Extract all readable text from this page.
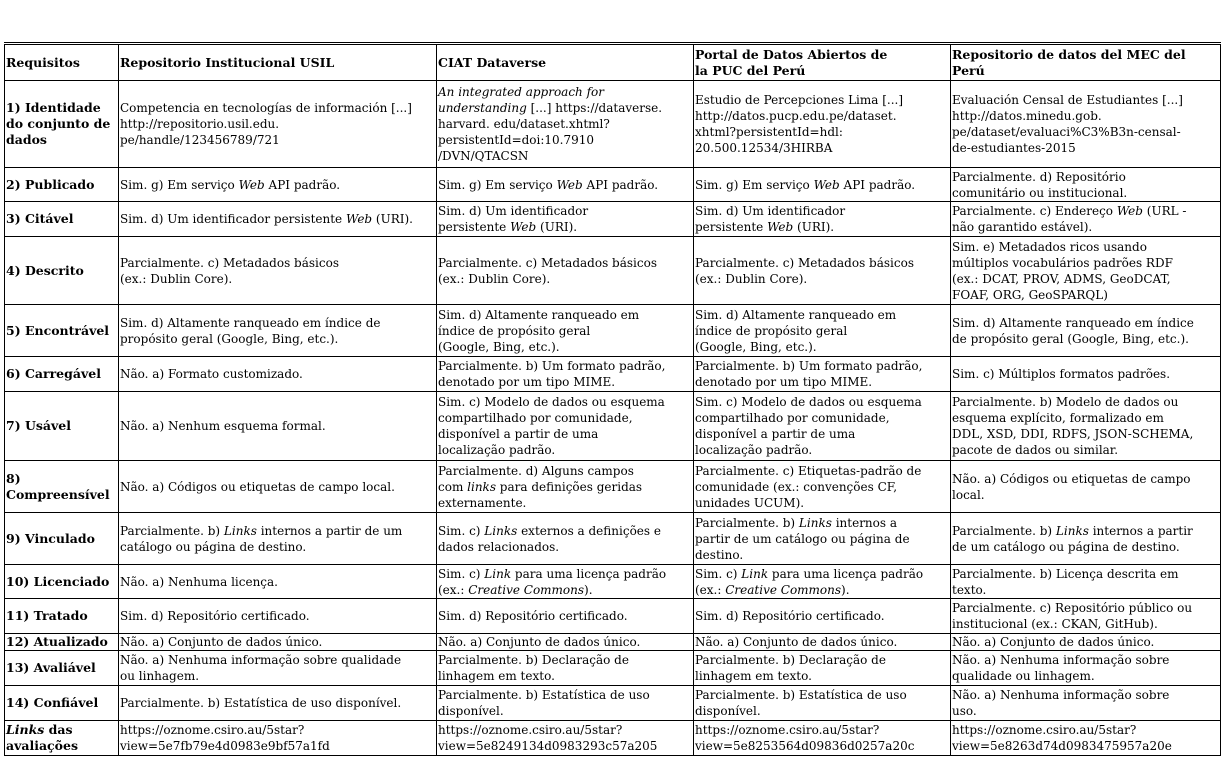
Requisitos	Repositorio Institucional USIL	CIAT Dataverse	Portal de Datos Abiertos de
la PUC del Perú	Repositorio de datos del MEC del Perú
1) Identidade
do conjunto de
dados	Competencia en tecnologías de información [...]
http://repositorio.usil.edu.
pe/handle/123456789/721	An integrated approach for
understanding [...] https://dataverse.
harvard. edu/dataset.xhtml?
persistentId=doi:10.7910
/DVN/QTACSN	Estudio de Percepciones Lima [...]
http://datos.pucp.edu.pe/dataset.
xhtml?persistentId=hdl:
20.500.12534/3HIRBA	Evaluación Censal de Estudiantes [...]
http://datos.minedu.gob.
pe/dataset/evaluaci%C3%B3n-censal-
de-estudiantes-2015
2) Publicado	Sim. g) Em serviço Web API padrão.	Sim. g) Em serviço Web API padrão.	Sim. g) Em serviço Web API padrão.	Parcialmente. d) Repositório
comunitário ou institucional.
3) Citável	Sim. d) Um identificador persistente Web (URI).	Sim. d) Um identificador
persistente Web (URI).	Sim. d) Um identificador
persistente Web (URI).	Parcialmente. c) Endereço Web (URL -
não garantido estável).
4) Descrito	Parcialmente. c) Metadados básicos
(ex.: Dublin Core).	Parcialmente. c) Metadados básicos
(ex.: Dublin Core).	Parcialmente. c) Metadados básicos
(ex.: Dublin Core).	Sim. e) Metadados ricos usando
múltiplos vocabulários padrões RDF
(ex.: DCAT, PROV, ADMS, GeoDCAT,
FOAF, ORG, GeoSPARQL)
5) Encontrável	Sim. d) Altamente ranqueado em índice de
propósito geral (Google, Bing, etc.).	Sim. d) Altamente ranqueado em
índice de propósito geral
(Google, Bing, etc.).	Sim. d) Altamente ranqueado em
índice de propósito geral
(Google, Bing, etc.).	Sim. d) Altamente ranqueado em índice
de propósito geral (Google, Bing, etc.).
6) Carregável	Não. a) Formato customizado.	Parcialmente. b) Um formato padrão,
denotado por um tipo MIME.	Parcialmente. b) Um formato padrão,
denotado por um tipo MIME.	Sim. c) Múltiplos formatos padrões.
7) Usável	Não. a) Nenhum esquema formal.	Sim. c) Modelo de dados ou esquema
compartilhado por comunidade,
disponível a partir de uma
localização padrão.	Sim. c) Modelo de dados ou esquema
compartilhado por comunidade,
disponível a partir de uma
localização padrão.	Parcialmente. b) Modelo de dados ou
esquema explícito, formalizado em
DDL, XSD, DDI, RDFS, JSON-SCHEMA,
pacote de dados ou similar.
8)
Compreensível	Não. a) Códigos ou etiquetas de campo local.	Parcialmente. d) Alguns campos
com links para definições geridas
externamente.	Parcialmente. c) Etiquetas-padrão de
comunidade (ex.: convenções CF,
unidades UCUM).	Não. a) Códigos ou etiquetas de campo
local.
9) Vinculado	Parcialmente. b) Links internos a partir de um
catálogo ou página de destino.	Sim. c) Links externos a definições e
dados relacionados.	Parcialmente. b) Links internos a
partir de um catálogo ou página de
destino.	Parcialmente. b) Links internos a partir
de um catálogo ou página de destino.
10) Licenciado	Não. a) Nenhuma licença.	Sim. c) Link para uma licença padrão
(ex.: Creative Commons).	Sim. c) Link para uma licença padrão
(ex.: Creative Commons).	Parcialmente. b) Licença descrita em
texto.
11) Tratado	Sim. d) Repositório certificado.	Sim. d) Repositório certificado.	Sim. d) Repositório certificado.	Parcialmente. c) Repositório público ou
institucional (ex.: CKAN, GitHub).
12) Atualizado	Não. a) Conjunto de dados único.	Não. a) Conjunto de dados único.	Não. a) Conjunto de dados único.	Não. a) Conjunto de dados único.
13) Avaliável	Não. a) Nenhuma informação sobre qualidade
ou linhagem.	Parcialmente. b) Declaração de
linhagem em texto.	Parcialmente. b) Declaração de
linhagem em texto.	Não. a) Nenhuma informação sobre
qualidade ou linhagem.
14) Confiável	Parcialmente. b) Estatística de uso disponível.	Parcialmente. b) Estatística de uso
disponível.	Parcialmente. b) Estatística de uso
disponível.	Não. a) Nenhuma informação sobre
uso.
Links das
avaliações	https://oznome.csiro.au/5star?
view=5e7fb79e4d0983e9bf57a1fd	https://oznome.csiro.au/5star?
view=5e8249134d0983293c57a205	https://oznome.csiro.au/5star?
view=5e8253564d09836d0257a20c	https://oznome.csiro.au/5star?
view=5e8263d74d0983475957a20e
